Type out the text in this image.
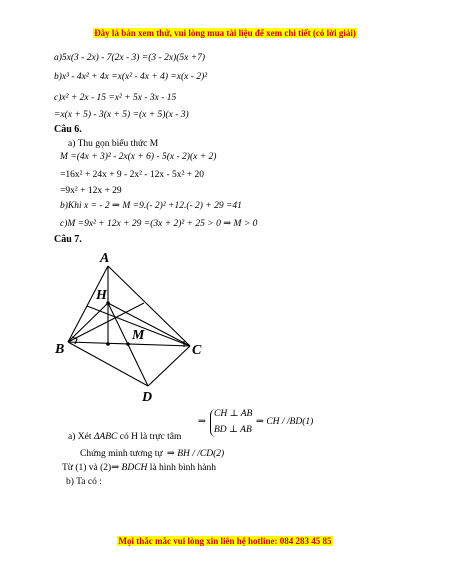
Đây là bản xem thử, vui lòng mua tài liệu để xem chi tiết (có lời giải)
a)5x(3 - 2x) - 7(2x - 3) =(3 - 2x)(5x +7)
b)x³ - 4x² + 4x =x(x² - 4x + 4) =x(x - 2)²
c)x² + 2x - 15 =x² + 5x - 3x - 15
=x(x + 5) - 3(x + 5) =(x + 5)(x - 3)
Câu 6.
a) Thu gọn biểu thức M
M =(4x + 3)² - 2x(x + 6) - 5(x - 2)(x + 2)
=16x² + 24x + 9 - 2x² - 12x - 5x² + 20
=9x² + 12x + 29
b)Khi x = - 2 ⇒ M =9.(- 2)² +12.(- 2) + 29 =41
c)M =9x² + 12x + 29 =(3x + 2)² + 25 > 0 ⇒ M > 0
Câu 7.
A
H
M
B	C
D
⇒
CH ⊥ AB
BD ⊥ AB
⇒ CH / /BD(1)
a) Xét ΔABC có H là trực tâm
Chứng minh tương tự ⇒ BH / /CD(2)
Từ (1) và (2)⇒ BDCH là hình bình hành
b) Ta có :
Mọi thắc mắc vui lòng xin liên hệ hotline: 084 283 45 85
